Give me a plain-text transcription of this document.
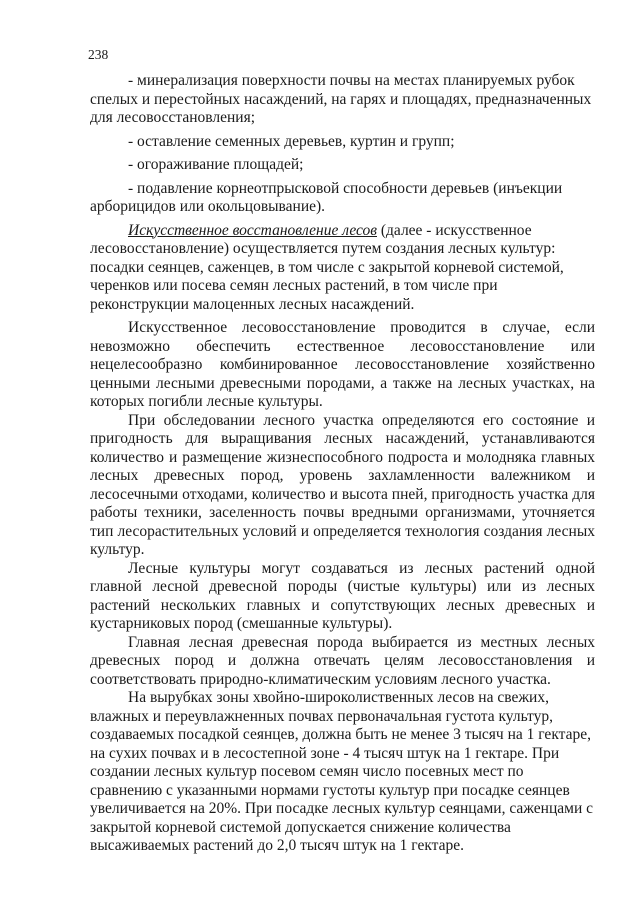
238

- минерализация поверхности почвы на местах планируемых рубок спелых и перестойных насаждений, на гарях и площадях, предназначенных для лесовосстановления;

- оставление семенных деревьев, куртин и групп;

- огораживание площадей;

- подавление корнеотпрысковой способности деревьев (инъекции арборицидов или окольцовывание).

Искусственное восстановление лесов (далее - искусственное лесовосстановление) осуществляется путем создания лесных культур: посадки сеянцев, саженцев, в том числе с закрытой корневой системой, черенков или посева семян лесных растений, в том числе при реконструкции малоценных лесных насаждений.

Искусственное лесовосстановление проводится в случае, если невозможно обеспечить естественное лесовосстановление или нецелесообразно комбинированное лесовосстановление хозяйственно ценными лесными древесными породами, а также на лесных участках, на которых погибли лесные культуры.

При обследовании лесного участка определяются его состояние и пригодность для выращивания лесных насаждений, устанавливаются количество и размещение жизнеспособного подроста и молодняка главных лесных древесных пород, уровень захламленности валежником и лесосечными отходами, количество и высота пней, пригодность участка для работы техники, заселенность почвы вредными организмами, уточняется тип лесорастительных условий и определяется технология создания лесных культур.

Лесные культуры могут создаваться из лесных растений одной главной лесной древесной породы (чистые культуры) или из лесных растений нескольких главных и сопутствующих лесных древесных и кустарниковых пород (смешанные культуры).

Главная лесная древесная порода выбирается из местных лесных древесных пород и должна отвечать целям лесовосстановления и соответствовать природно-климатическим условиям лесного участка.

На вырубках зоны хвойно-широколиственных лесов на свежих, влажных и переувлажненных почвах первоначальная густота культур, создаваемых посадкой сеянцев, должна быть не менее 3 тысяч на 1 гектаре, на сухих почвах и в лесостепной зоне - 4 тысяч штук на 1 гектаре. При создании лесных культур посевом семян число посевных мест по сравнению с указанными нормами густоты культур при посадке сеянцев увеличивается на 20%. При посадке лесных культур сеянцами, саженцами с закрытой корневой системой допускается снижение количества высаживаемых растений до 2,0 тысяч штук на 1 гектаре.
